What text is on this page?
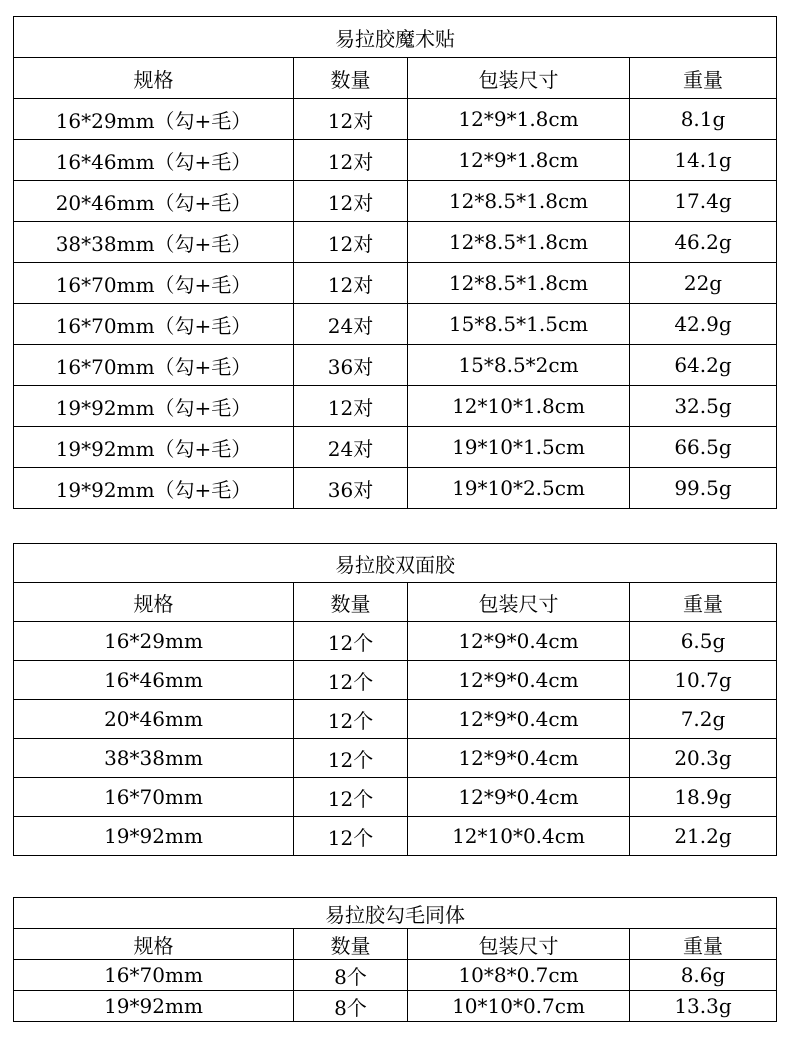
易拉胶魔术贴			
规格	数量	包装尺寸	重量
16*29mm（勾+毛）	12对	12*9*1.8cm	8.1g
16*46mm（勾+毛）	12对	12*9*1.8cm	14.1g
20*46mm（勾+毛）	12对	12*8.5*1.8cm	17.4g
38*38mm（勾+毛）	12对	12*8.5*1.8cm	46.2g
16*70mm（勾+毛）	12对	12*8.5*1.8cm	22g
16*70mm（勾+毛）	24对	15*8.5*1.5cm	42.9g
16*70mm（勾+毛）	36对	15*8.5*2cm	64.2g
19*92mm（勾+毛）	12对	12*10*1.8cm	32.5g
19*92mm（勾+毛）	24对	19*10*1.5cm	66.5g
19*92mm（勾+毛）	36对	19*10*2.5cm	99.5g
易拉胶双面胶			
规格	数量	包装尺寸	重量
16*29mm	12个	12*9*0.4cm	6.5g
16*46mm	12个	12*9*0.4cm	10.7g
20*46mm	12个	12*9*0.4cm	7.2g
38*38mm	12个	12*9*0.4cm	20.3g
16*70mm	12个	12*9*0.4cm	18.9g
19*92mm	12个	12*10*0.4cm	21.2g
易拉胶勾毛同体			
规格	数量	包装尺寸	重量
16*70mm	8个	10*8*0.7cm	8.6g
19*92mm	8个	10*10*0.7cm	13.3g
